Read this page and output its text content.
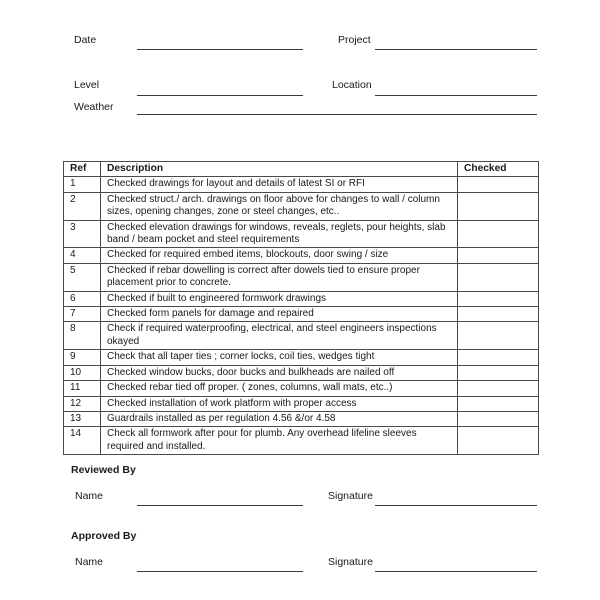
Date	Project
Level	Location
Weather
Ref	Description	Checked
1	Checked drawings for layout and details of latest SI or RFI	
2	Checked struct./ arch. drawings on floor above for changes to wall / column sizes, opening changes, zone or steel changes, etc..	
3	Checked elevation drawings for windows, reveals, reglets, pour heights, slab band / beam pocket and steel requirements	
4	Checked for required embed items, blockouts, door swing / size	
5	Checked if rebar dowelling is correct after dowels tied to ensure proper placement prior to concrete.	
6	Checked if built to engineered formwork drawings	
7	Checked form panels for damage and repaired	
8	Check if required waterproofing, electrical, and steel engineers inspections okayed	
9	Check that all taper ties ; corner locks, coil ties, wedges tight	
10	Checked window bucks, door bucks and bulkheads are nailed off	
11	Checked rebar tied off proper. ( zones, columns, wall mats, etc..)	
12	Checked installation of work platform with proper access	
13	Guardrails installed as per regulation 4.56 &/or 4.58	
14	Check all formwork after pour for plumb. Any overhead lifeline sleeves required and installed.	
Reviewed By
Name	Signature
Approved By
Name	Signature
